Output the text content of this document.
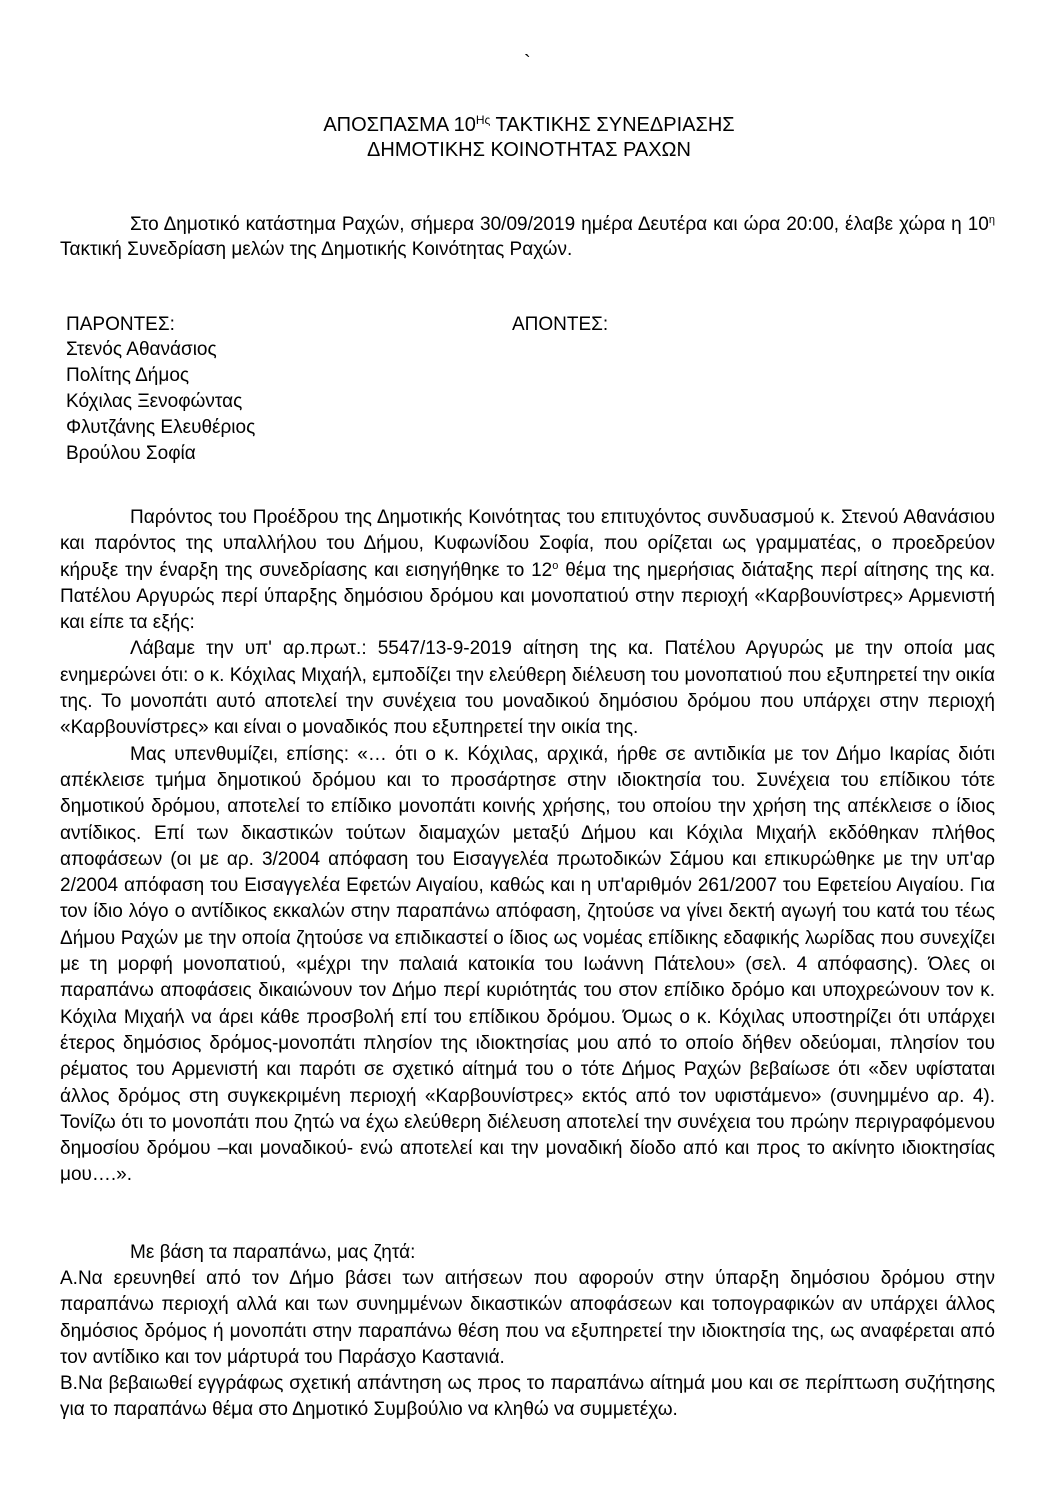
`
ΑΠΟΣΠΑΣΜΑ $10^{H\varsigma}$ ΤΑΚΤΙΚΗΣ ΣΥΝΕΔΡΙΑΣΗΣ
ΔΗΜΟΤΙΚΗΣ ΚΟΙΝΟΤΗΤΑΣ ΡΑΧΩΝ
Στο Δημοτικό κατάστημα Ραχών, σήμερα 30/09/2019 ημέρα Δευτέρα και ώρα 20:00, έλαβε χώρα η $10^\eta$ Τακτική Συνεδρίαση μελών της Δημοτικής Κοινότητας Ραχών.
ΠΑΡΟΝΤΕΣ:	ΑΠΟΝΤΕΣ:
Στενός Αθανάσιος
Πολίτης Δήμος
Κόχιλας Ξενοφώντας
Φλυτζάνης Ελευθέριος
Βρούλου Σοφία

Παρόντος του Προέδρου της Δημοτικής Κοινότητας του επιτυχόντος συνδυασμού κ. Στενού Αθανάσιου και παρόντος της υπαλλήλου του Δήμου, Κυφωνίδου Σοφία, που ορίζεται ως γραμματέας, ο προεδρεύον κήρυξε την έναρξη της συνεδρίασης και εισηγήθηκε το $12^o$ θέμα της ημερήσιας διάταξης περί αίτησης της κα. Πατέλου Αργυρώς περί ύπαρξης δημόσιου δρόμου και μονοπατιού στην περιοχή «Καρβουνίστρες» Αρμενιστή και είπε τα εξής:

Λάβαμε την υπ' αρ.πρωτ.: 5547/13-9-2019 αίτηση της κα. Πατέλου Αργυρώς με την οποία μας ενημερώνει ότι: ο κ. Κόχιλας Μιχαήλ, εμποδίζει την ελεύθερη διέλευση του μονοπατιού που εξυπηρετεί την οικία της. Το μονοπάτι αυτό αποτελεί την συνέχεια του μοναδικού δημόσιου δρόμου που υπάρχει στην περιοχή «Καρβουνίστρες» και είναι ο μοναδικός που εξυπηρετεί την οικία της.

Μας υπενθυμίζει, επίσης: «… ότι ο κ. Κόχιλας, αρχικά, ήρθε σε αντιδικία με τον Δήμο Ικαρίας διότι απέκλεισε τμήμα δημοτικού δρόμου και το προσάρτησε στην ιδιοκτησία του. Συνέχεια του επίδικου τότε δημοτικού δρόμου, αποτελεί το επίδικο μονοπάτι κοινής χρήσης, του οποίου την χρήση της απέκλεισε ο ίδιος αντίδικος. Επί των δικαστικών τούτων διαμαχών μεταξύ Δήμου και Κόχιλα Μιχαήλ εκδόθηκαν πλήθος αποφάσεων (οι με αρ. 3/2004 απόφαση του Εισαγγελέα πρωτοδικών Σάμου και επικυρώθηκε με την υπ'αρ 2/2004 απόφαση του Εισαγγελέα Εφετών Αιγαίου, καθώς και η υπ'αριθμόν 261/2007 του Εφετείου Αιγαίου. Για τον ίδιο λόγο ο αντίδικος εκκαλών στην παραπάνω απόφαση, ζητούσε να γίνει δεκτή αγωγή του κατά του τέως Δήμου Ραχών με την οποία ζητούσε να επιδικαστεί ο ίδιος ως νομέας επίδικης εδαφικής λωρίδας που συνεχίζει με τη μορφή μονοπατιού, «μέχρι την παλαιά κατοικία του Ιωάννη Πάτελου» (σελ. 4 απόφασης). Όλες οι παραπάνω αποφάσεις δικαιώνουν τον Δήμο περί κυριότητάς του στον επίδικο δρόμο και υποχρεώνουν τον κ. Κόχιλα Μιχαήλ να άρει κάθε προσβολή επί του επίδικου δρόμου. Όμως ο κ. Κόχιλας υποστηρίζει ότι υπάρχει έτερος δημόσιος δρόμος-μονοπάτι πλησίον της ιδιοκτησίας μου από το οποίο δήθεν οδεύομαι, πλησίον του ρέματος του Αρμενιστή και παρότι σε σχετικό αίτημά του ο τότε Δήμος Ραχών βεβαίωσε ότι «δεν υφίσταται άλλος δρόμος στη συγκεκριμένη περιοχή «Καρβουνίστρες» εκτός από τον υφιστάμενο» (συνημμένο αρ. 4). Τονίζω ότι το μονοπάτι που ζητώ να έχω ελεύθερη διέλευση αποτελεί την συνέχεια του πρώην περιγραφόμενου δημοσίου δρόμου –και μοναδικού- ενώ αποτελεί και την μοναδική δίοδο από και προς το ακίνητο ιδιοκτησίας μου….».

Με βάση τα παραπάνω, μας ζητά:

Α.Να ερευνηθεί από τον Δήμο βάσει των αιτήσεων που αφορούν στην ύπαρξη δημόσιου δρόμου στην παραπάνω περιοχή αλλά και των συνημμένων δικαστικών αποφάσεων και τοπογραφικών αν υπάρχει άλλος δημόσιος δρόμος ή μονοπάτι στην παραπάνω θέση που να εξυπηρετεί την ιδιοκτησία της, ως αναφέρεται από τον αντίδικο και τον μάρτυρά του Παράσχο Καστανιά.

Β.Να βεβαιωθεί εγγράφως σχετική απάντηση ως προς το παραπάνω αίτημά μου και σε περίπτωση συζήτησης για το παραπάνω θέμα στο Δημοτικό Συμβούλιο να κληθώ να συμμετέχω.
